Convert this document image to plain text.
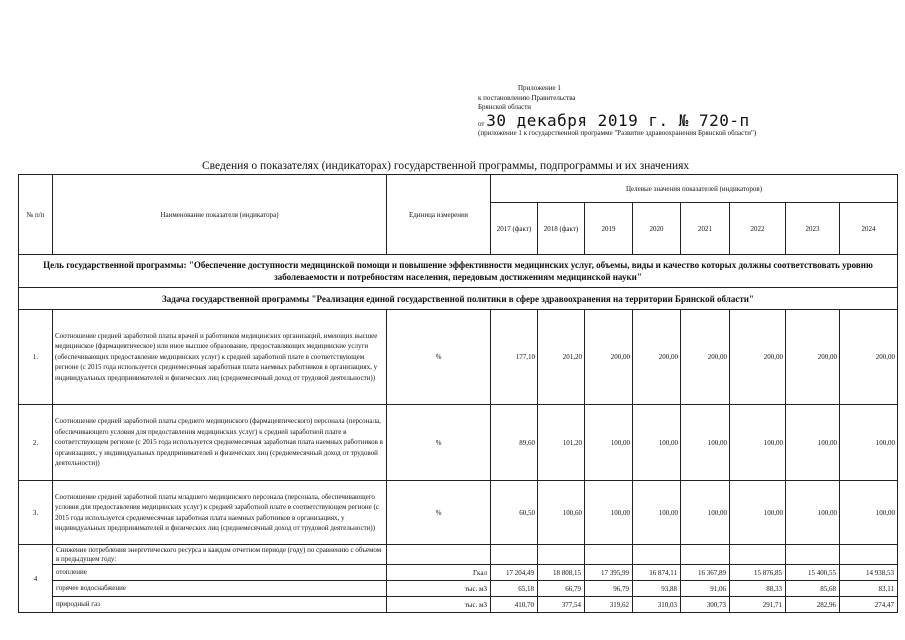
Приложение 1
к постановлению Правительства
Брянской области
от 30 декабря 2019 г. № 720-п
(приложение 1 к государственной программе "Развитие здравоохранения Брянской области")
Сведения о показателях (индикаторах) государственной программы, подпрограммы и их значениях
№ п/п	Наименование показателя (индикатора)	Единица измерения	Целевые значения показателей (индикаторов)							
			2017 (факт)	2018 (факт)	2019	2020	2021	2022	2023	2024
Цель государственной программы: "Обеспечение доступности медицинской помощи и повышение эффективности медицинских услуг, объемы, виды и качество которых должны соответствовать уровню заболеваемости и потребностям населения, передовым достижениям медицинской науки"										
Задача государственной программы "Реализация единой государственной политики в сфере здравоохранения на территории Брянской области"										
1.	Соотношение средней заработной платы врачей и работников медицинских организаций, имеющих высшее медицинское (фармацевтическое) или иное высшее образование, предоставляющих медицинские услуги (обеспечивающих предоставление медицинских услуг) к средней заработной плате в соответствующем регионе (с 2015 года используется среднемесячная заработная плата наемных работников в организациях, у индивидуальных предпринимателей и физических лиц (среднемесячный доход от трудовой деятельности))	%	177,10	201,20	200,00	200,00	200,00	200,00	200,00	200,00
2.	Соотношение средней заработной платы среднего медицинского (фармацевтического) персонала (персонала, обеспечивающего условия для предоставления медицинских услуг) к средней заработной плате в соответствующем регионе (с 2015 года используется среднемесячная заработная плата наемных работников в организациях, у индивидуальных предпринимателей и физических лиц (среднемесячный доход от трудовой деятельности))	%	89,60	101,20	100,00	100,00	100,00	100,00	100,00	100,00
3.	Соотношение средней заработной платы младшего медицинского персонала (персонала, обеспечивающего условия для предоставления медицинских услуг) к средней заработной плате в соответствующем регионе (с 2015 года используется среднемесячная заработная плата наемных работников в организациях, у индивидуальных предпринимателей и физических лиц (среднемесячный доход от трудовой деятельности))	%	60,50	100,60	100,00	100,00	100,00	100,00	100,00	100,00
4	Снижение потребления энергетического ресурса в каждом отчетном периоде (году) по сравнению с объемом в предыдущем году:									
	отопление	Гкал	17 204,49	18 808,15	17 395,99	16 874,11	16 367,89	15 876,85	15 400,55	14 938,53
	горячее водоснабжение	тыс. м3	65,18	66,79	96,79	93,88	91,06	88,33	85,68	83,11
	природный газ	тыс. м3	410,70	377,54	319,62	310,03	300,73	291,71	282,96	274,47
